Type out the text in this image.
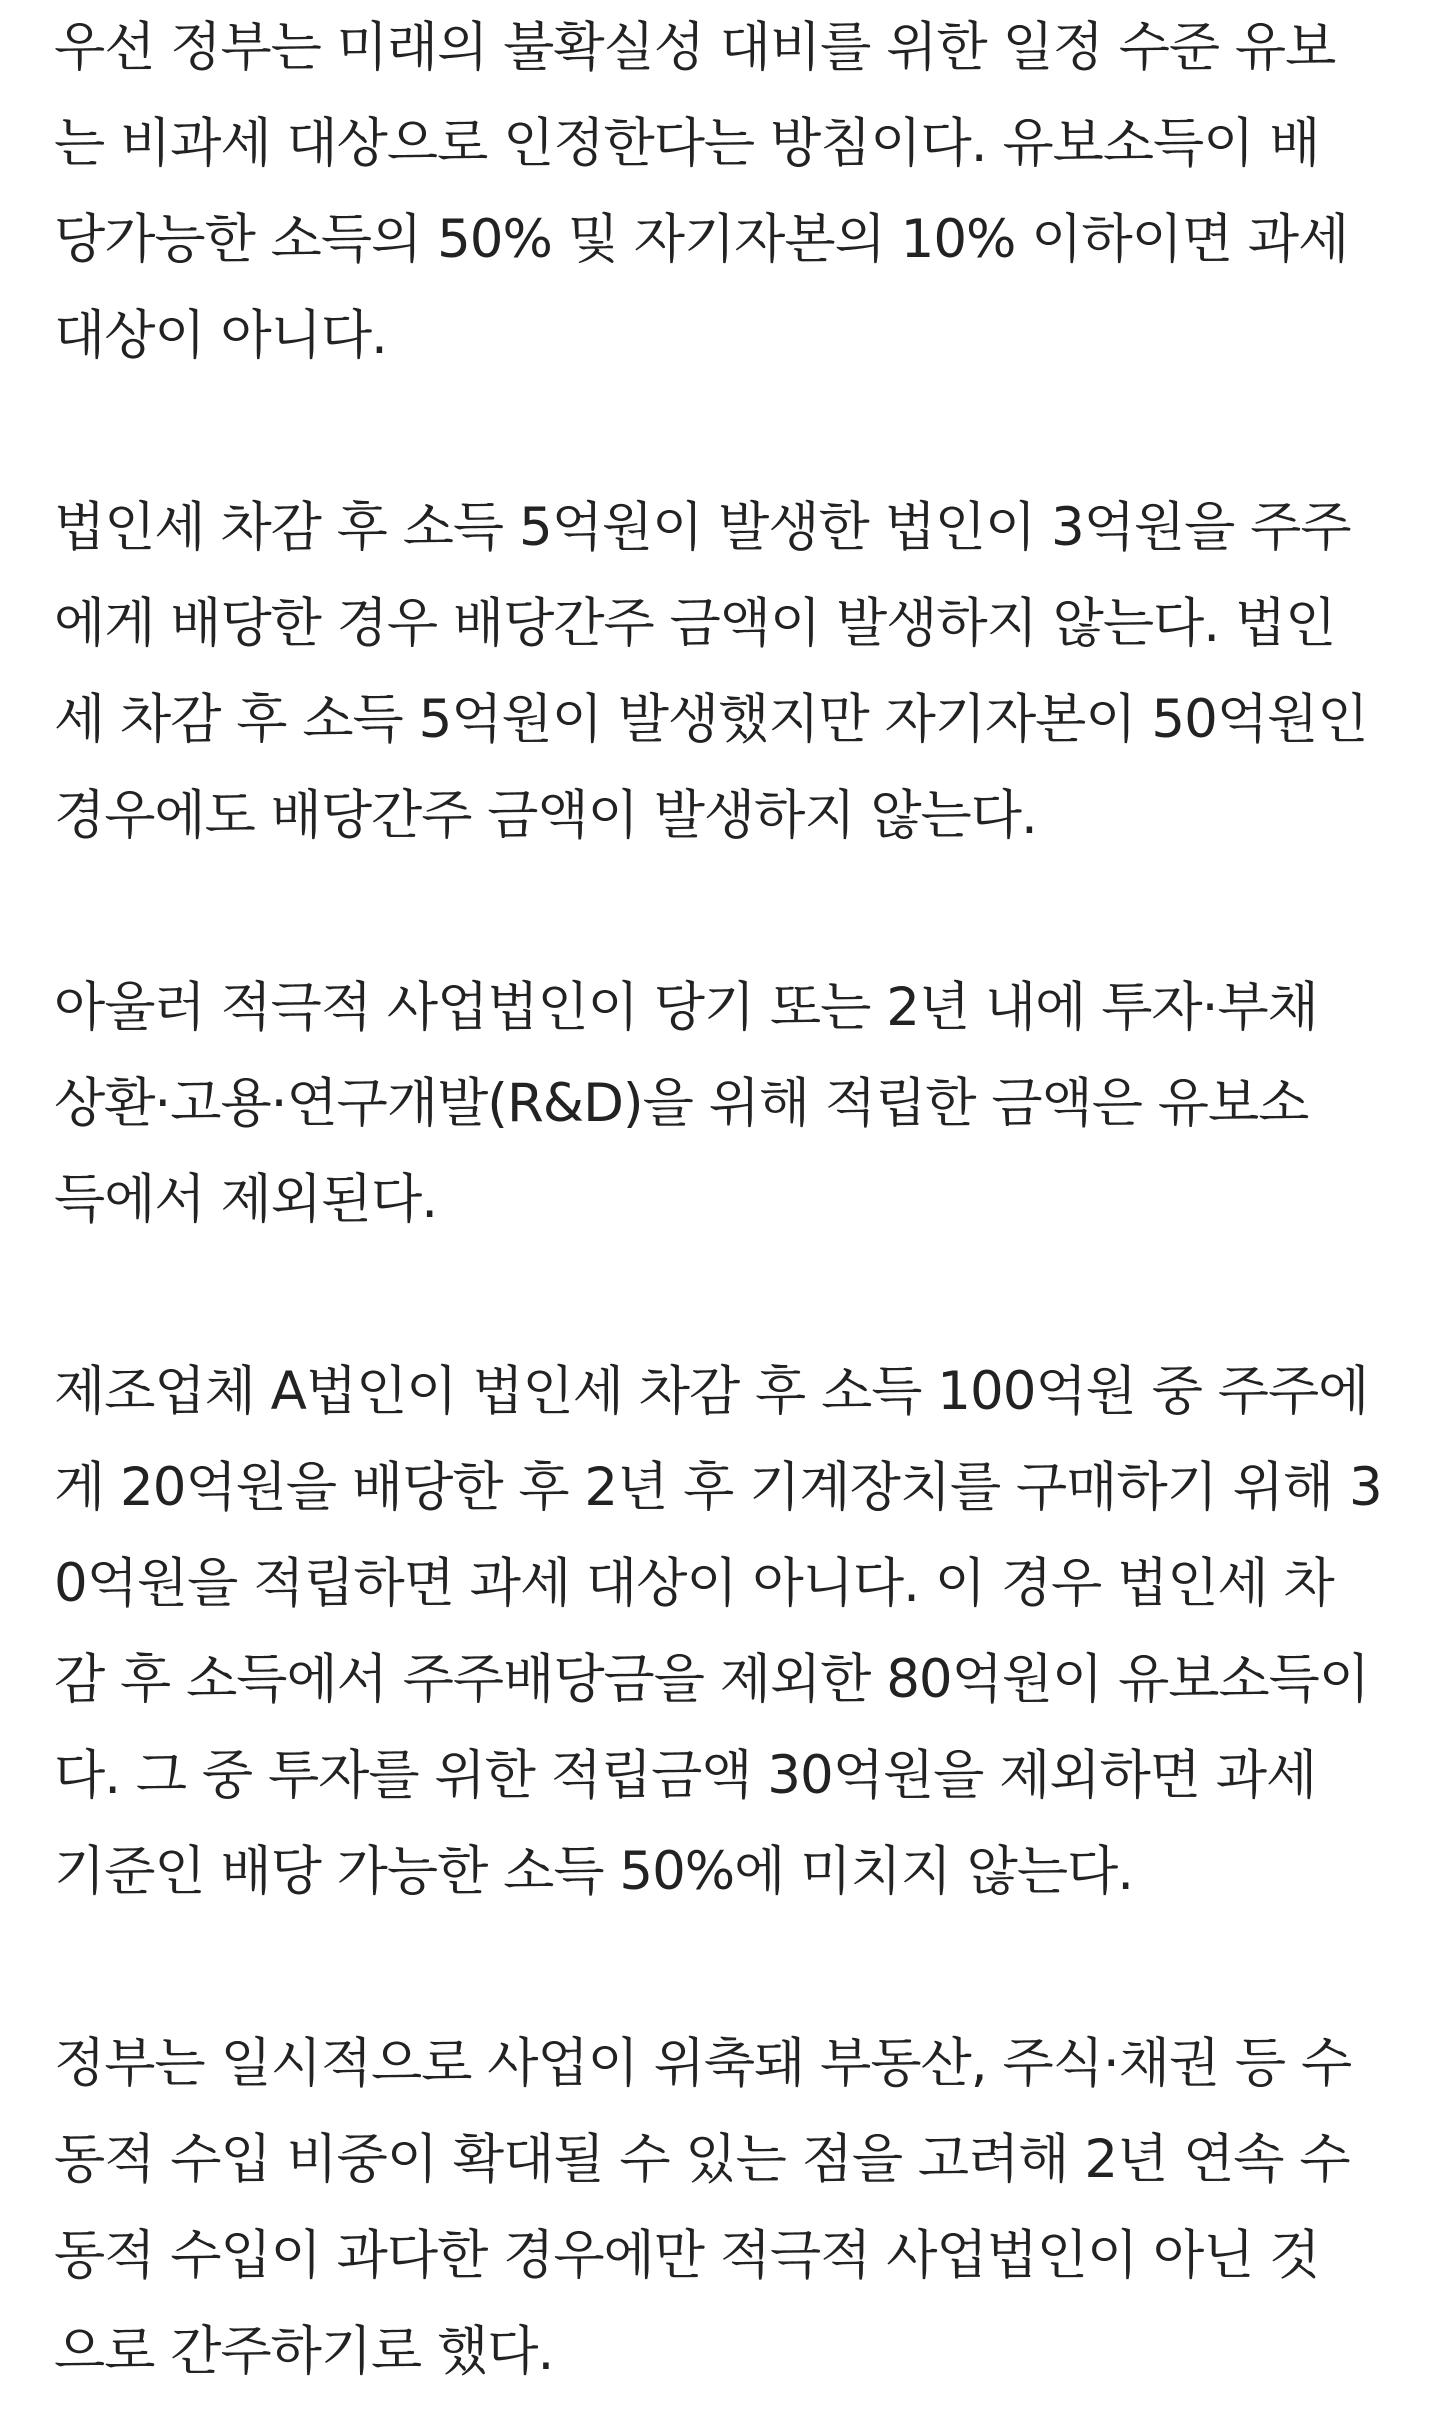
우선 정부는 미래의 불확실성 대비를 위한 일정 수준 유보
는 비과세 대상으로 인정한다는 방침이다. 유보소득이 배
당가능한 소득의 50% 및 자기자본의 10% 이하이면 과세
대상이 아니다.

법인세 차감 후 소득 5억원이 발생한 법인이 3억원을 주주
에게 배당한 경우 배당간주 금액이 발생하지 않는다. 법인
세 차감 후 소득 5억원이 발생했지만 자기자본이 50억원인
경우에도 배당간주 금액이 발생하지 않는다.

아울러 적극적 사업법인이 당기 또는 2년 내에 투자·부채
상환·고용·연구개발(R&D)을 위해 적립한 금액은 유보소
득에서 제외된다.

제조업체 A법인이 법인세 차감 후 소득 100억원 중 주주에
게 20억원을 배당한 후 2년 후 기계장치를 구매하기 위해 3
0억원을 적립하면 과세 대상이 아니다. 이 경우 법인세 차
감 후 소득에서 주주배당금을 제외한 80억원이 유보소득이
다. 그 중 투자를 위한 적립금액 30억원을 제외하면 과세
기준인 배당 가능한 소득 50%에 미치지 않는다.

정부는 일시적으로 사업이 위축돼 부동산, 주식·채권 등 수
동적 수입 비중이 확대될 수 있는 점을 고려해 2년 연속 수
동적 수입이 과다한 경우에만 적극적 사업법인이 아닌 것
으로 간주하기로 했다.
